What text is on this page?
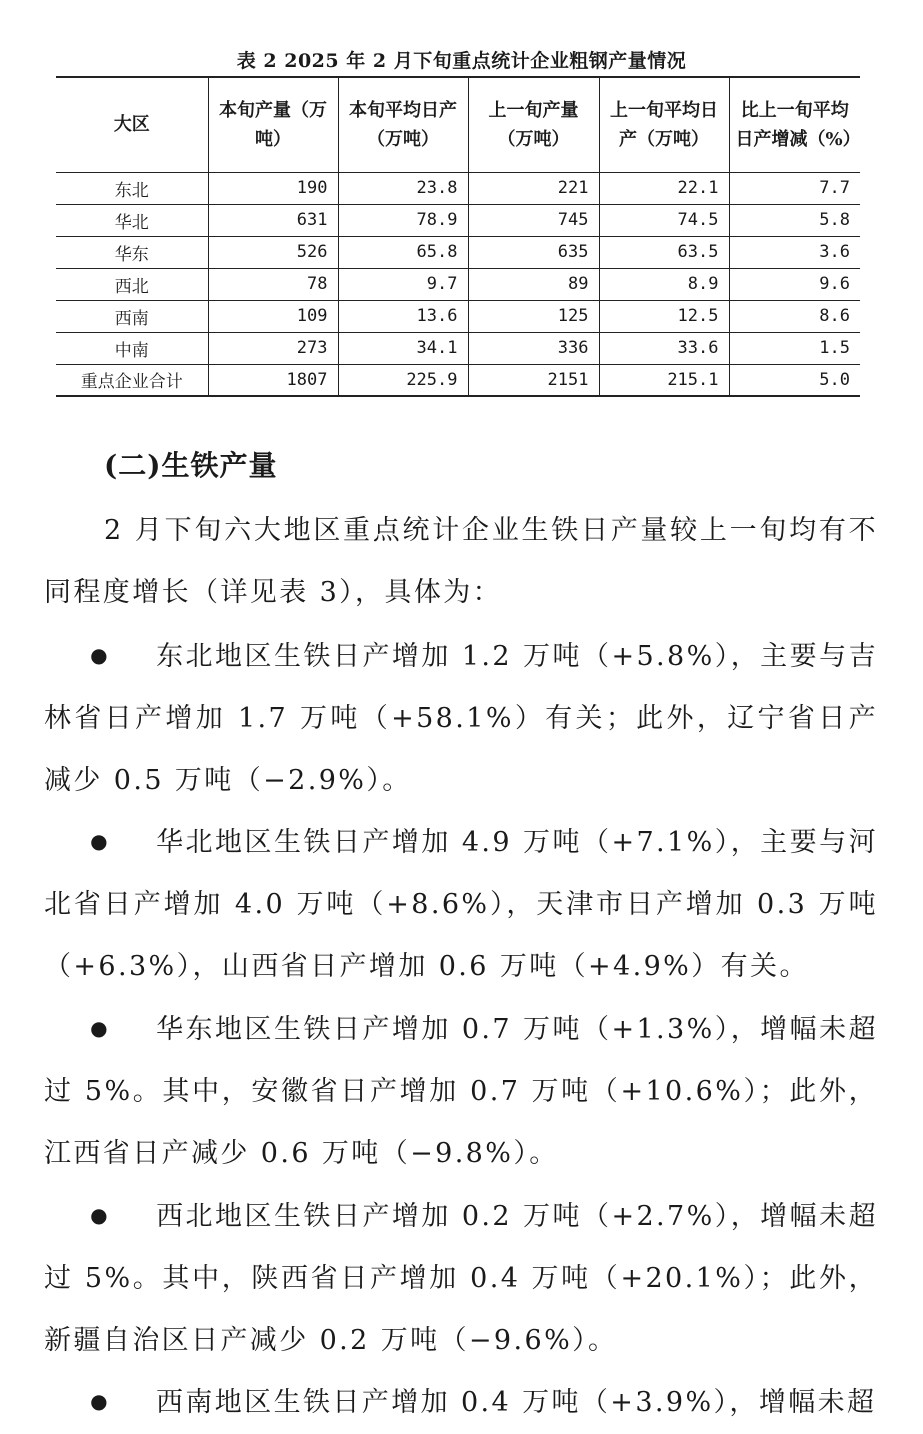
表 2 2025 年 2 月下旬重点统计企业粗钢产量情况
大区	本旬产量（万吨）	本旬平均日产（万吨）	上一旬产量（万吨）	上一旬平均日产（万吨）	比上一旬平均日产增减（%）
东北	190	23.8	221	22.1	7.7
华北	631	78.9	745	74.5	5.8
华东	526	65.8	635	63.5	3.6
西北	78	9.7	89	8.9	9.6
西南	109	13.6	125	12.5	8.6
中南	273	34.1	336	33.6	1.5
重点企业合计	1807	225.9	2151	215.1	5.0
(二)生铁产量
2 月下旬六大地区重点统计企业生铁日产量较上一旬均有不同程度增长（详见表 3），具体为：
● 东北地区生铁日产增加 1.2 万吨（+5.8%），主要与吉林省日产增加 1.7 万吨（+58.1%）有关；此外，辽宁省日产减少 0.5 万吨（−2.9%）。
● 华北地区生铁日产增加 4.9 万吨（+7.1%），主要与河北省日产增加 4.0 万吨（+8.6%），天津市日产增加 0.3 万吨（+6.3%），山西省日产增加 0.6 万吨（+4.9%）有关。
● 华东地区生铁日产增加 0.7 万吨（+1.3%），增幅未超过 5%。其中，安徽省日产增加 0.7 万吨（+10.6%）；此外，江西省日产减少 0.6 万吨（−9.8%）。
● 西北地区生铁日产增加 0.2 万吨（+2.7%），增幅未超过 5%。其中，陕西省日产增加 0.4 万吨（+20.1%）；此外，新疆自治区日产减少 0.2 万吨（−9.6%）。
● 西南地区生铁日产增加 0.4 万吨（+3.9%），增幅未超
